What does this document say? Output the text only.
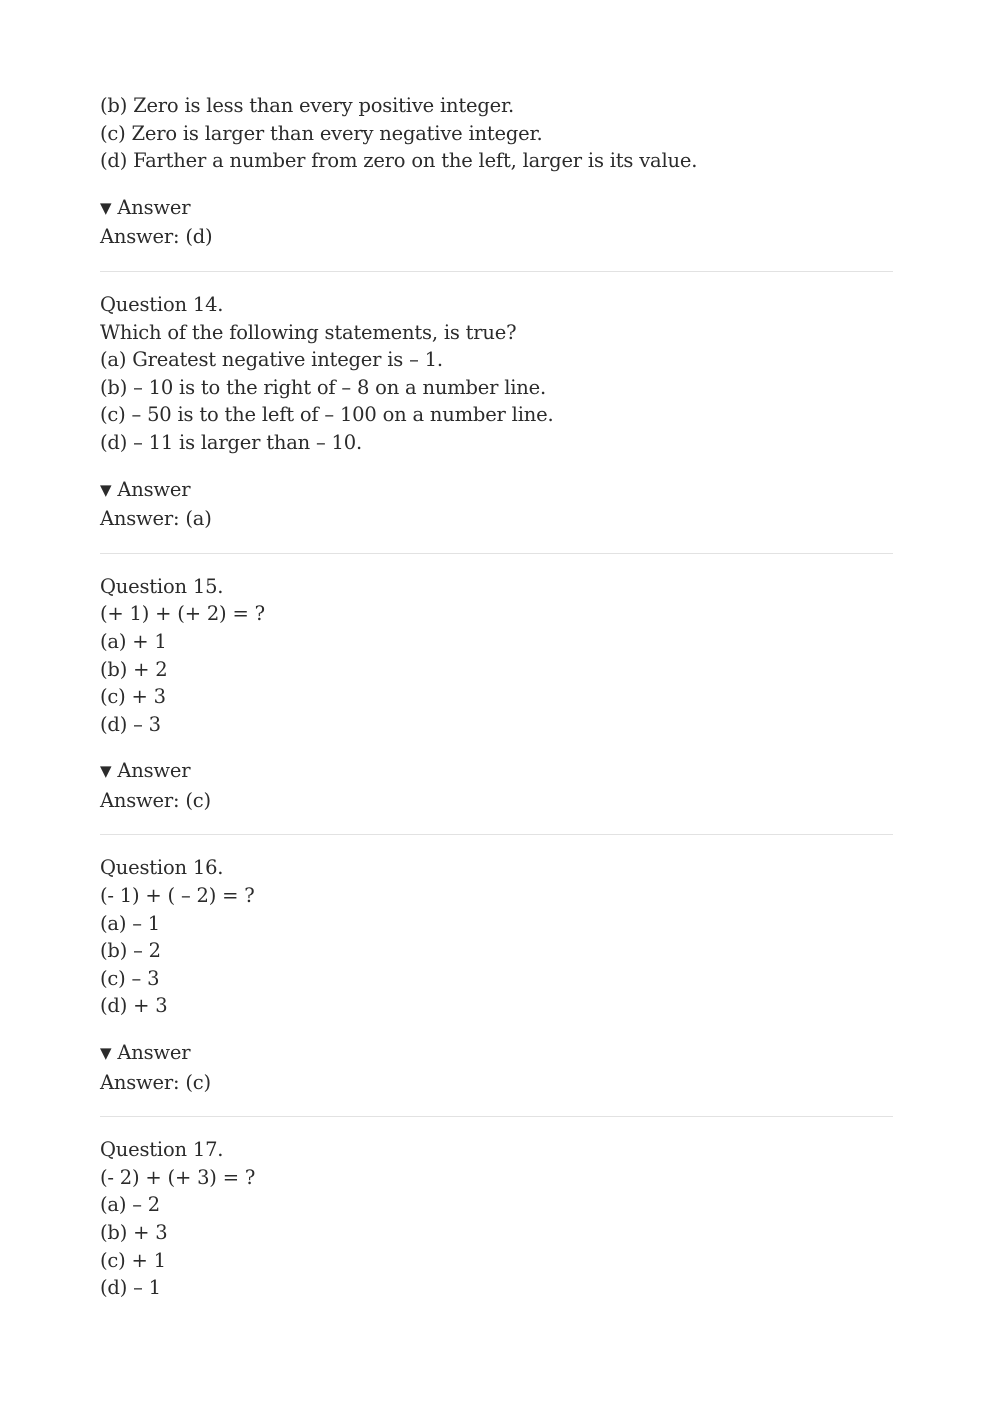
(b) Zero is less than every positive integer.
(c) Zero is larger than every negative integer.
(d) Farther a number from zero on the left, larger is its value.
▼ Answer
Answer: (d)
Question 14.
Which of the following statements, is true?
(a) Greatest negative integer is – 1.
(b) – 10 is to the right of – 8 on a number line.
(c) – 50 is to the left of – 100 on a number line.
(d) – 11 is larger than – 10.
▼ Answer
Answer: (a)
Question 15.
(+ 1) + (+ 2) = ?
(a) + 1
(b) + 2
(c) + 3
(d) – 3
▼ Answer
Answer: (c)
Question 16.
(- 1) + ( – 2) = ?
(a) – 1
(b) – 2
(c) – 3
(d) + 3
▼ Answer
Answer: (c)
Question 17.
(- 2) + (+ 3) = ?
(a) – 2
(b) + 3
(c) + 1
(d) – 1
